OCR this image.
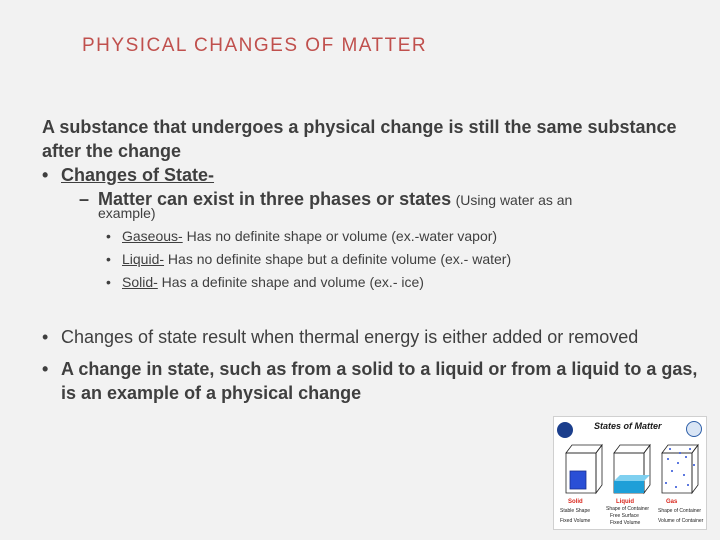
PHYSICAL CHANGES OF MATTER

A substance that undergoes a physical change is still the same substance after the change

• Changes of State-
– Matter can exist in three phases or states (Using water as an
example)
• Gaseous- Has no definite shape or volume (ex.-water vapor)
• Liquid- Has no definite shape but a definite volume (ex.- water)
• Solid- Has a definite shape and volume (ex.- ice)
• Changes of state result when thermal energy is either added or removed
• A change in state, such as from a solid to a liquid or from a liquid to a gas, is an example of a physical change
States of Matter
Solid	Liquid	Gas
Stable Shape
Fixed Volume
Shape of Container
Free Surface
Fixed Volume
Shape of Container
Volume of Container
